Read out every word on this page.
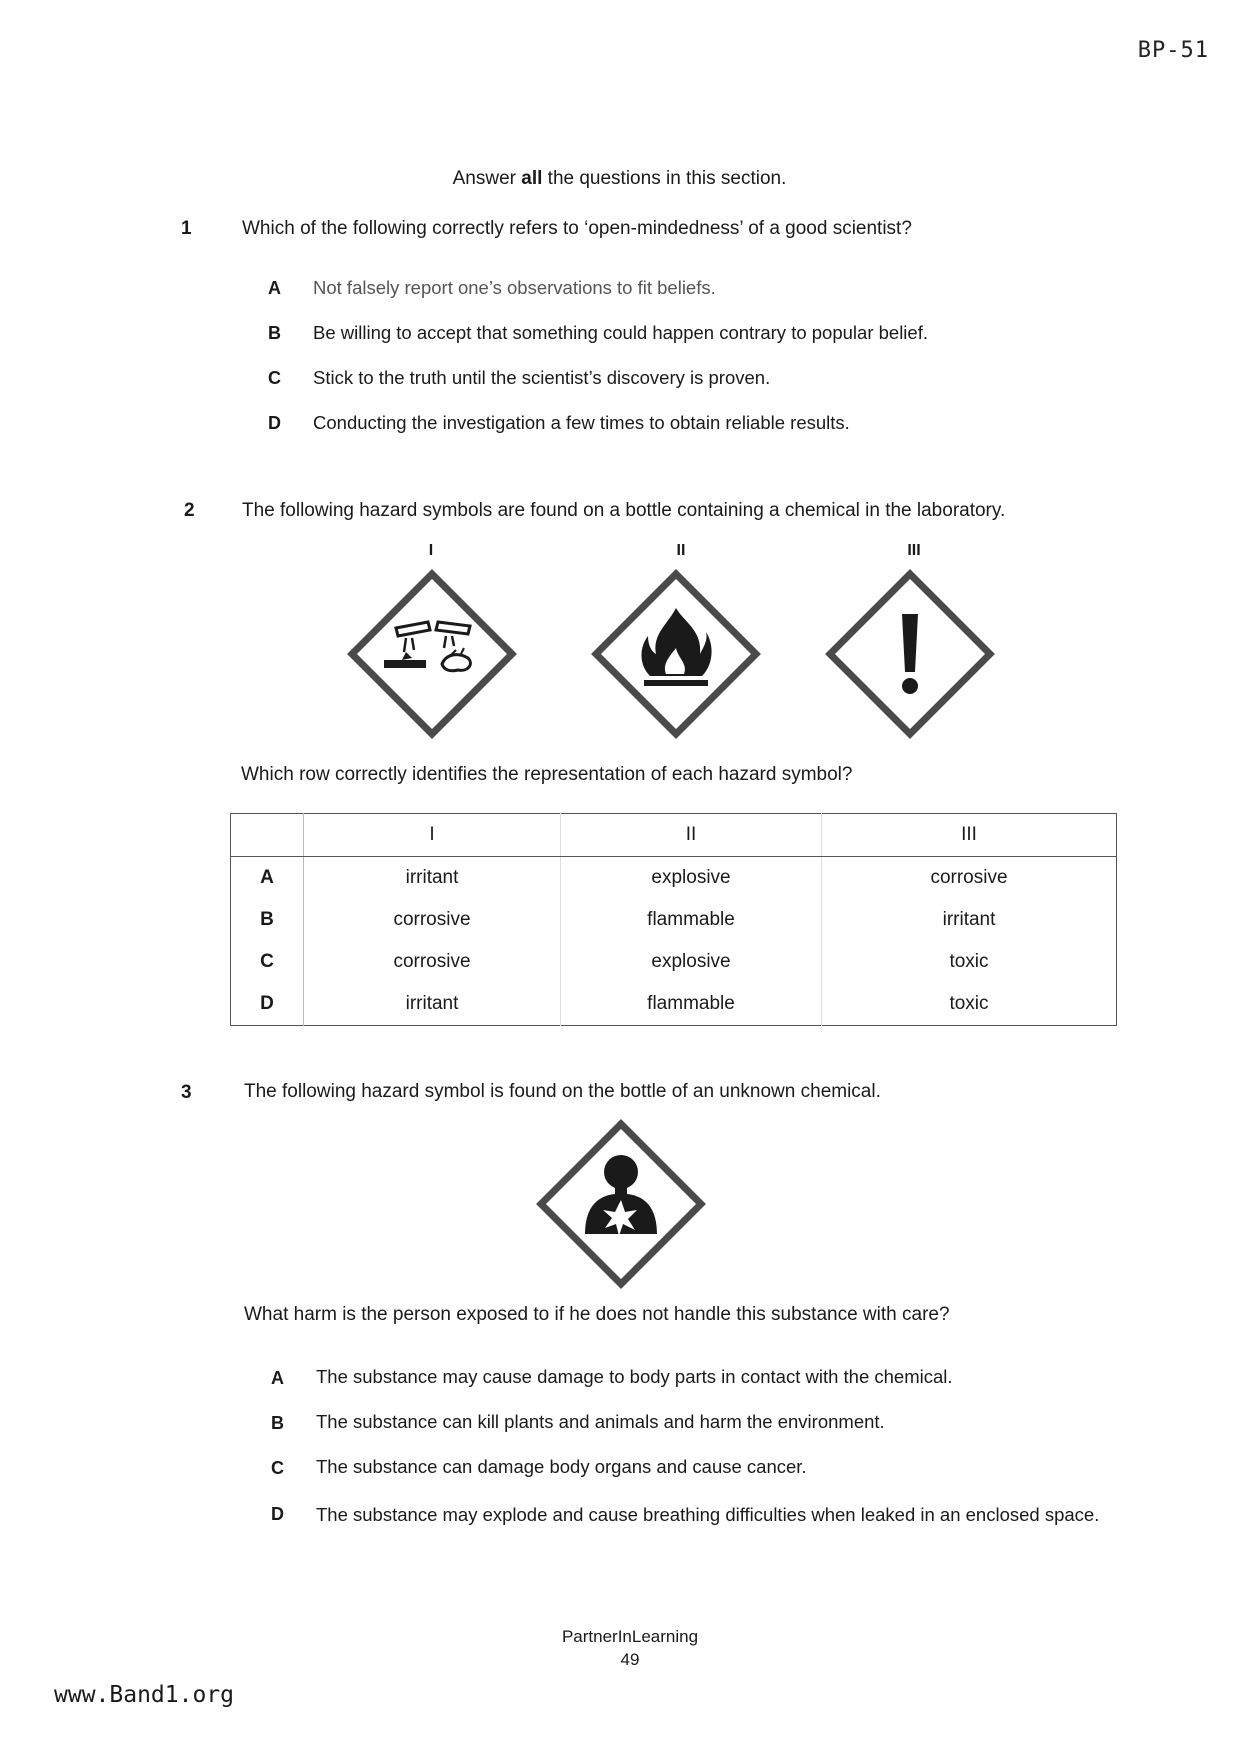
BP-51
Answer all the questions in this section.
1	Which of the following correctly refers to ‘open-mindedness’ of a good scientist?
A Not falsely report one’s observations to fit beliefs.
B Be willing to accept that something could happen contrary to popular belief.
C Stick to the truth until the scientist’s discovery is proven.
D Conducting the investigation a few times to obtain reliable results.
2 The following hazard symbols are found on a bottle containing a chemical in the laboratory.
I	II	III
Which row correctly identifies the representation of each hazard symbol?
	I	II	III
A	irritant	explosive	corrosive
B	corrosive	flammable	irritant
C	corrosive	explosive	toxic
D	irritant	flammable	toxic
3	The following hazard symbol is found on the bottle of an unknown chemical.
What harm is the person exposed to if he does not handle this substance with care?
A The substance may cause damage to body parts in contact with the chemical.
B The substance can kill plants and animals and harm the environment.
C The substance can damage body organs and cause cancer.
D The substance may explode and cause breathing difficulties when leaked in an enclosed space.
PartnerInLearning
49
www.Band1.org
